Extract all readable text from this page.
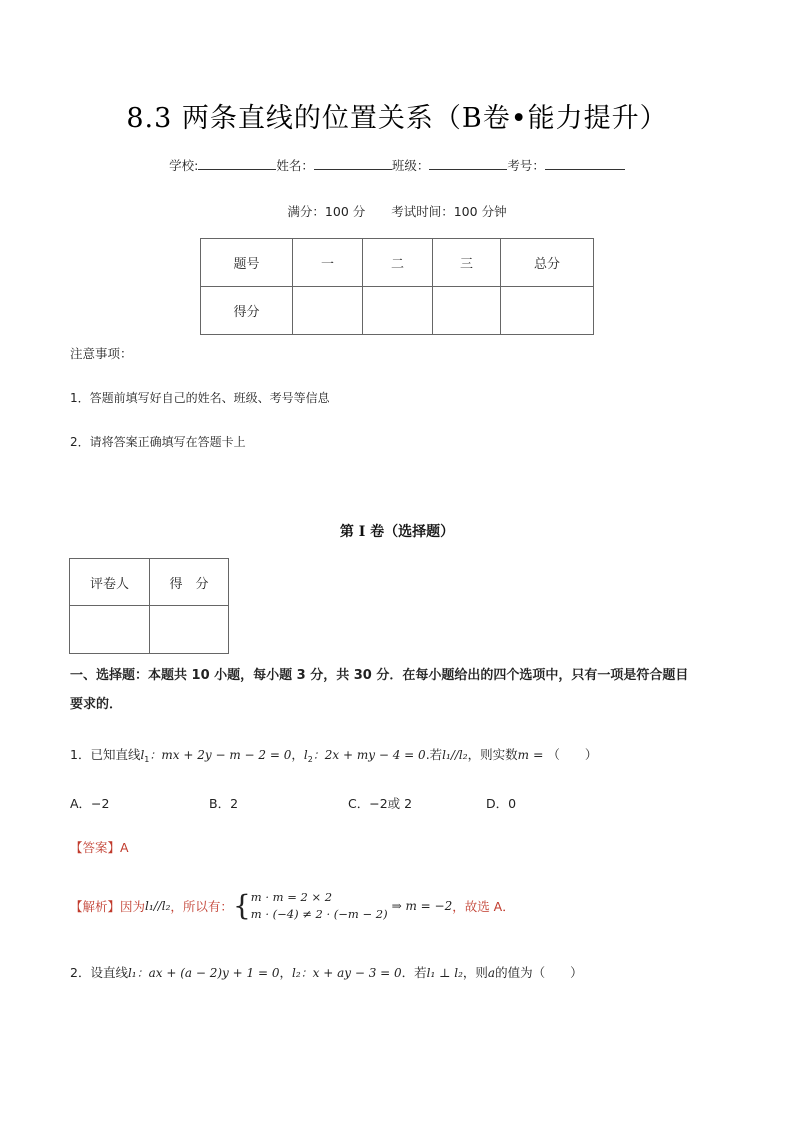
8.3 两条直线的位置关系（B卷•能力提升）
学校:	姓名：	班级：	考号：
满分：100 分 考试时间：100 分钟
题号	一	二	三	总分
得分				
注意事项：
1．答题前填写好自己的姓名、班级、考号等信息
2．请将答案正确填写在答题卡上
第 I 卷（选择题）
评卷人	得　分

一、选择题：本题共 10 小题，每小题 3 分，共 30 分．在每小题给出的四个选项中，只有一项是符合题目
要求的．
1．已知直线$l_1$：mx + 2y − m − 2 = 0，$l_2$：2x + my − 4 = 0.若l₁//l₂，则实数m = （　　）
A．−2	B．2	C．−2或 2	D．0
【答案】A
【解析】 因为 l₁//l₂ ，所以有： { m · m = 2 × 2
m · (−4) ≠ 2 · (−m − 2)
⇒ m = −2 ，故选 A．
2．设直线l₁：ax + (a − 2)y + 1 = 0，l₂：x + ay − 3 = 0．若l₁ ⊥ l₂，则a的值为（　　）
